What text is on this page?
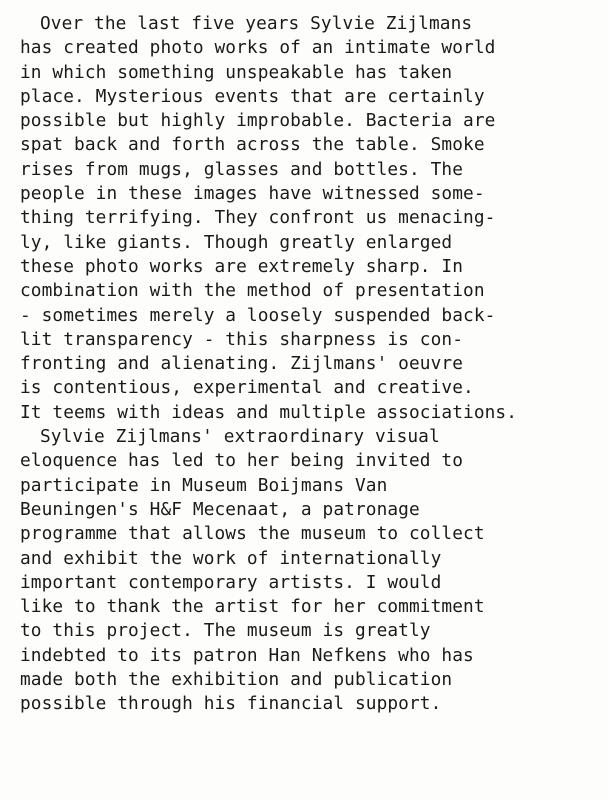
Over the last five years Sylvie Zijlmans
has created photo works of an intimate world
in which something unspeakable has taken
place. Mysterious events that are certainly
possible but highly improbable. Bacteria are
spat back and forth across the table. Smoke
rises from mugs, glasses and bottles. The
people in these images have witnessed some-
thing terrifying. They confront us menacing-
ly, like giants. Though greatly enlarged
these photo works are extremely sharp. In
combination with the method of presentation
- sometimes merely a loosely suspended back-
lit transparency - this sharpness is con-
fronting and alienating. Zijlmans' oeuvre
is contentious, experimental and creative.
It teems with ideas and multiple associations.
Sylvie Zijlmans' extraordinary visual
eloquence has led to her being invited to
participate in Museum Boijmans Van
Beuningen's H&F Mecenaat, a patronage
programme that allows the museum to collect
and exhibit the work of internationally
important contemporary artists. I would
like to thank the artist for her commitment
to this project. The museum is greatly
indebted to its patron Han Nefkens who has
made both the exhibition and publication
possible through his financial support.
